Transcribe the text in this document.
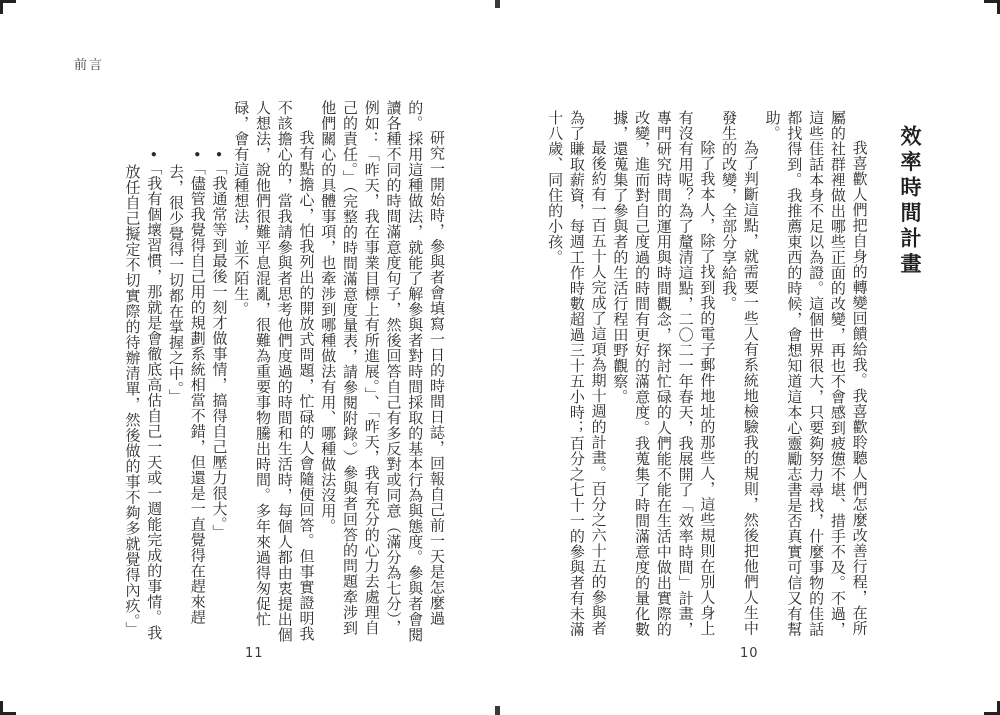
前言

研究一開始時，參與者會填寫一日的時間日誌，回報自己前一天是怎麼過的。採用這種做法，就能了解參與者對時間採取的基本行為與態度。參與者會閱讀各種不同的時間滿意度句子，然後回答自己有多反對或同意（滿分為七分），例如：「昨天，我在事業目標上有所進展。」、「昨天，我有充分的心力去處理自己的責任。」（完整的時間滿意度量表，請參閱附錄。）參與者回答的問題牽涉到他們關心的具體事項，也牽涉到哪種做法有用、哪種做法沒用。

我有點擔心，怕我列出的開放式問題，忙碌的人會隨便回答。但事實證明我不該擔心的，當我請參與者思考他們度過的時間和生活時，每個人都由衷提出個人想法，說他們很難平息混亂，很難為重要事物騰出時間。多年來過得匆促忙碌，會有這種想法，並不陌生。

●「我通常等到最後一刻才做事情，搞得自己壓力很大。」
●「儘管我覺得自己用的規劃系統相當不錯，但還是一直覺得在趕來趕去，很少覺得一切都在掌握之中。」
●「我有個壞習慣，那就是會徹底高估自己一天或一週能完成的事情。我放任自己擬定不切實際的待辦清單，然後做的事不夠多就覺得內疚。」
11
效率時間計畫

我喜歡人們把自身的轉變回饋給我。我喜歡聆聽人們怎麼改善行程，在所屬的社群裡做出哪些正面的改變，再也不會感到疲憊不堪、措手不及。不過，這些佳話本身不足以為證。這個世界很大，只要夠努力尋找，什麼事物的佳話都找得到。我推薦東西的時候，會想知道這本心靈勵志書是否真實可信又有幫助。

為了判斷這點，就需要一些人有系統地檢驗我的規則，然後把他們人生中發生的改變，全部分享給我。

除了我本人，除了找到我的電子郵件地址的那些人，這些規則在別人身上有沒有用呢？為了釐清這點，二〇二一年春天，我展開了「效率時間」計畫，專門研究時間的運用與時間觀念，探討忙碌的人們能不能在生活中做出實際的改變，進而對自己度過的時間有更好的滿意度。我蒐集了時間滿意度的量化數據，還蒐集了參與者的生活行程田野觀察。

最後約有一百五十人完成了這項為期十週的計畫。百分之六十五的參與者為了賺取薪資，每週工作時數超過三十五小時；百分之七十一的參與者有未滿十八歲、同住的小孩。

10
